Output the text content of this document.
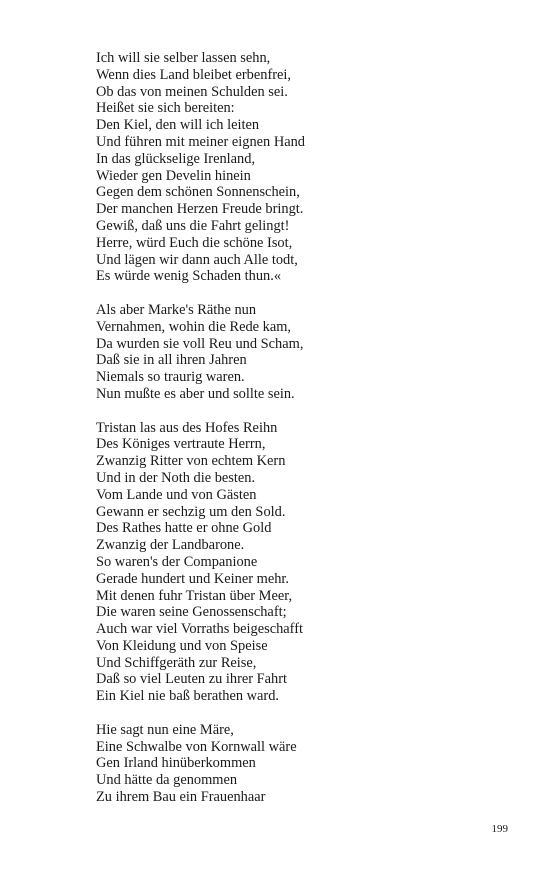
Ich will sie selber lassen sehn,
Wenn dies Land bleibet erbenfrei,
Ob das von meinen Schulden sei.
Heißet sie sich bereiten:
Den Kiel, den will ich leiten
Und führen mit meiner eignen Hand
In das glückselige Irenland,
Wieder gen Develin hinein
Gegen dem schönen Sonnenschein,
Der manchen Herzen Freude bringt.
Gewiß, daß uns die Fahrt gelingt!
Herre, würd Euch die schöne Isot,
Und lägen wir dann auch Alle todt,
Es würde wenig Schaden thun.«
Als aber Marke's Räthe nun
Vernahmen, wohin die Rede kam,
Da wurden sie voll Reu und Scham,
Daß sie in all ihren Jahren
Niemals so traurig waren.
Nun mußte es aber und sollte sein.
Tristan las aus des Hofes Reihn
Des Königes vertraute Herrn,
Zwanzig Ritter von echtem Kern
Und in der Noth die besten.
Vom Lande und von Gästen
Gewann er sechzig um den Sold.
Des Rathes hatte er ohne Gold
Zwanzig der Landbarone.
So waren's der Companione
Gerade hundert und Keiner mehr.
Mit denen fuhr Tristan über Meer,
Die waren seine Genossenschaft;
Auch war viel Vorraths beigeschafft
Von Kleidung und von Speise
Und Schiffgeräth zur Reise,
Daß so viel Leuten zu ihrer Fahrt
Ein Kiel nie baß berathen ward.
Hie sagt nun eine Märe,
Eine Schwalbe von Kornwall wäre
Gen Irland hinüberkommen
Und hätte da genommen
Zu ihrem Bau ein Frauenhaar
199
